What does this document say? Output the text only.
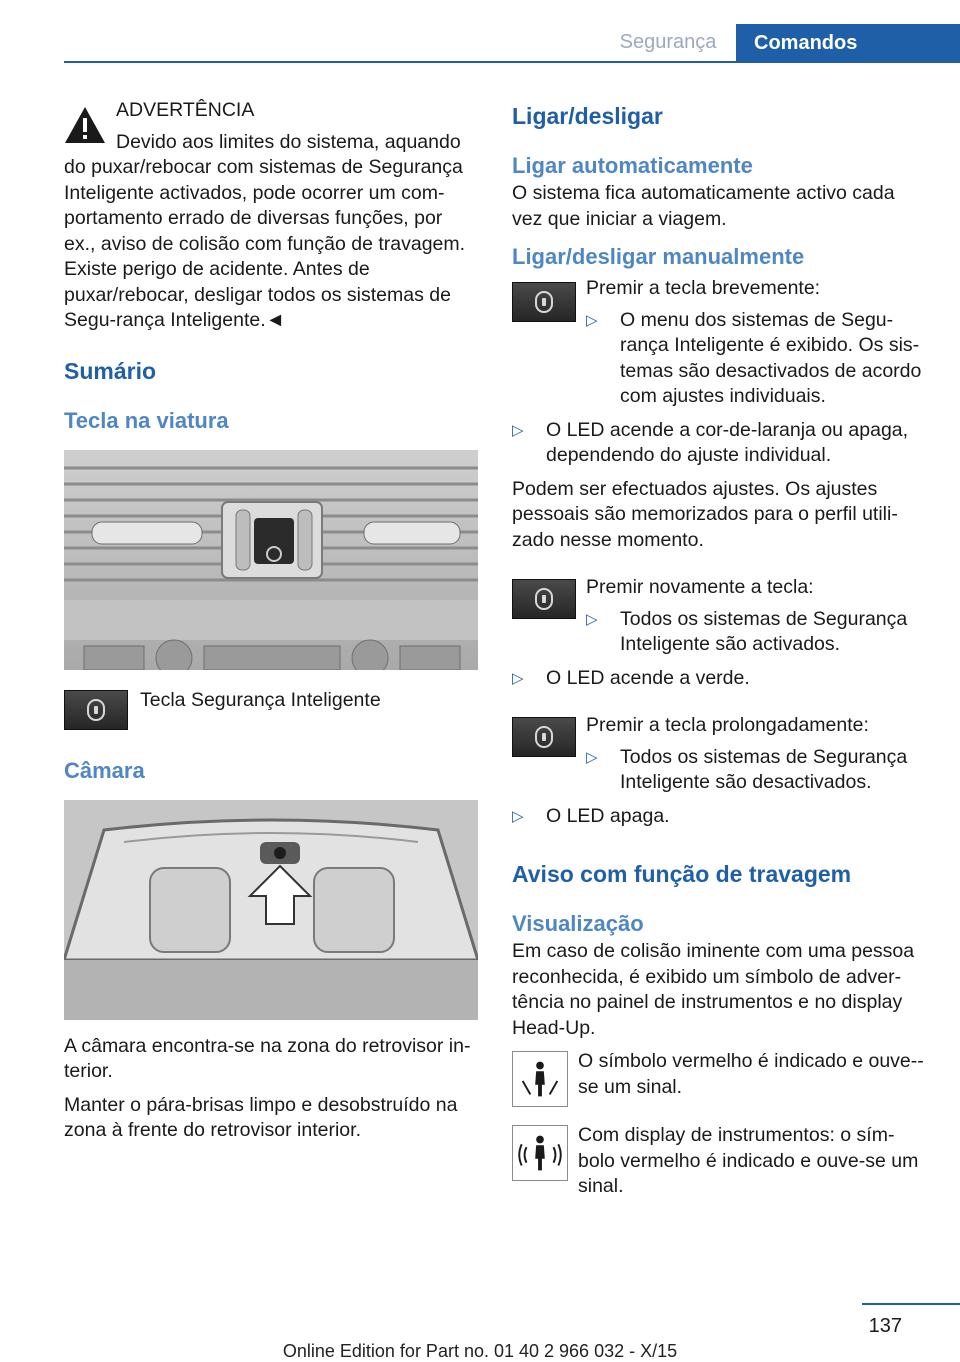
Segurança	Comandos

ADVERTÊNCIA

Devido aos limites do sistema, aquando

do puxar/rebocar com sistemas de Segurança Inteligente activados, pode ocorrer um com-portamento errado de diversas funções, por ex., aviso de colisão com função de travagem. Existe perigo de acidente. Antes de puxar/rebocar, desligar todos os sistemas de Segu-rança Inteligente.◄

Sumário
Tecla na viatura

Tecla Segurança Inteligente

Câmara

A câmara encontra-se na zona do retrovisor in-terior.

Manter o pára-brisas limpo e desobstruído na zona à frente do retrovisor interior.

Ligar/desligar
Ligar automaticamente

O sistema fica automaticamente activo cada vez que iniciar a viagem.

Ligar/desligar manualmente

Premir a tecla brevemente:

▷	O menu dos sistemas de Segu-rança Inteligente é exibido. Os sis-temas são desactivados de acordo com ajustes individuais.

▷	O LED acende a cor-de-laranja ou apaga, dependendo do ajuste individual.

Podem ser efectuados ajustes. Os ajustes pessoais são memorizados para o perfil utili-zado nesse momento.

Premir novamente a tecla:

▷	Todos os sistemas de Segurança Inteligente são activados.

▷	O LED acende a verde.

Premir a tecla prolongadamente:

▷	Todos os sistemas de Segurança Inteligente são desactivados.

▷	O LED apaga.

Aviso com função de travagem
Visualização

Em caso de colisão iminente com uma pessoa reconhecida, é exibido um símbolo de adver-tência no painel de instrumentos e no display Head-Up.

O símbolo vermelho é indicado e ouve--se um sinal.

Com display de instrumentos: o sím-bolo vermelho é indicado e ouve-se um sinal.

137
Online Edition for Part no. 01 40 2 966 032 - X/15
